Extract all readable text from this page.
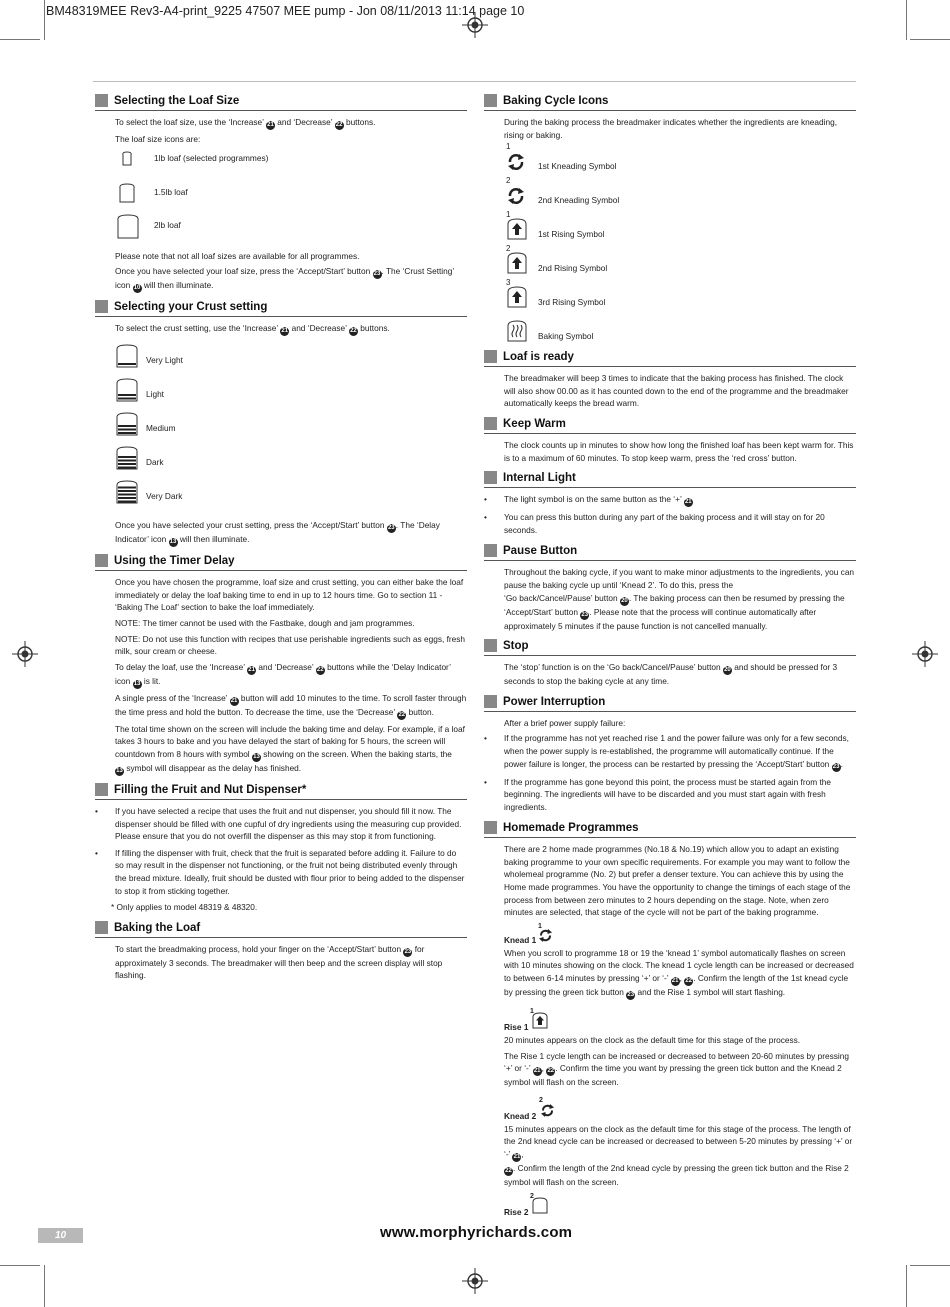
BM48319MEE Rev3-A4-print_9225 47507 MEE pump - Jon 08/11/2013 11:14 page 10
Selecting the Loaf Size
To select the loaf size, use the ‘Increase’ 21 and ‘Decrease’ 22 buttons.
The loaf size icons are:
1lb loaf (selected programmes)
1.5lb loaf
2lb loaf
Please note that not all loaf sizes are available for all programmes.
Once you have selected your loaf size, press the ‘Accept/Start’ button 23. The ‘Crust Setting’
icon 10 will then illuminate.
Selecting your Crust setting
To select the crust setting, use the ‘Increase’ 21 and ‘Decrease’ 22 buttons.
Very Light
Light
Medium
Dark
Very Dark
Once you have selected your crust setting, press the ‘Accept/Start’ button 23. The ‘Delay
Indicator’ icon 13 will then illuminate.
Using the Timer Delay
Once you have chosen the programme, loaf size and crust setting, you can either bake the loaf immediately or delay the loaf baking time to end in up to 12 hours time. Go to section 11 - ‘Baking The Loaf’ section to bake the loaf immediately.
NOTE: The timer cannot be used with the Fastbake, dough and jam programmes.
NOTE: Do not use this function with recipes that use perishable ingredients such as eggs, fresh milk, sour cream or cheese.
To delay the loaf, use the ‘Increase’ 21 and ‘Decrease’ 22 buttons while the ‘Delay Indicator’
icon 13 is lit.
A single press of the ‘Increase’ 21 button will add 10 minutes to the time. To scroll faster through the time press and hold the button. To decrease the time, use the ‘Decrease’ 22 button.
The total time shown on the screen will include the baking time and delay. For example, if a loaf takes 3 hours to bake and you have delayed the start of baking for 5 hours, the screen will countdown from 8 hours with symbol 13 showing on the screen. When the baking starts, the
13 symbol will disappear as the delay has finished.
Filling the Fruit and Nut Dispenser*
• If you have selected a recipe that uses the fruit and nut dispenser, you should fill it now. The dispenser should be filled with one cupful of dry ingredients using the measuring cup provided. Please ensure that you do not overfill the dispenser as this may stop it from functioning.
• If filling the dispenser with fruit, check that the fruit is separated before adding it. Failure to do so may result in the dispenser not functioning, or the fruit not being distributed evenly through the bread mixture. Ideally, fruit should be dusted with flour prior to being added to the dispenser to stop it from sticking together.
* Only applies to model 48319 & 48320.
Baking the Loaf
To start the breadmaking process, hold your finger on the ‘Accept/Start’ button 23 for approximately 3 seconds. The breadmaker will then beep and the screen display will stop flashing.
Baking Cycle Icons
During the baking process the breadmaker indicates whether the ingredients are kneading, rising or baking.
1
1st Kneading Symbol
2
2nd Kneading Symbol
1
1st Rising Symbol
2
2nd Rising Symbol
3
3rd Rising Symbol
Baking Symbol
Loaf is ready
The breadmaker will beep 3 times to indicate that the baking process has finished. The clock will also show 00.00 as it has counted down to the end of the programme and the breadmaker automatically keeps the bread warm.
Keep Warm
The clock counts up in minutes to show how long the finished loaf has been kept warm for. This is to a maximum of 60 minutes. To stop keep warm, press the ‘red cross’ button.
Internal Light
• The light symbol is on the same button as the ‘+’ 21
• You can press this button during any part of the baking process and it will stay on for 20 seconds.
Pause Button
Throughout the baking cycle, if you want to make minor adjustments to the ingredients, you can pause the baking cycle up until ‘Knead 2’. To do this, press the
‘Go back/Cancel/Pause’ button 20. The baking process can then be resumed by pressing the ‘Accept/Start’ button 23. Please note that the process will continue automatically after approximately 5 minutes if the pause function is not cancelled manually.
Stop
The ‘stop’ function is on the ‘Go back/Cancel/Pause’ button 20 and should be pressed for 3 seconds to stop the baking cycle at any time.
Power Interruption
After a brief power supply failure:
• If the programme has not yet reached rise 1 and the power failure was only for a few seconds, when the power supply is re-established, the programme will automatically continue. If the power failure is longer, the process can be restarted by pressing the ‘Accept/Start’ button 23.
• If the programme has gone beyond this point, the process must be started again from the beginning. The ingredients will have to be discarded and you must start again with fresh ingredients.
Homemade Programmes
There are 2 home made programmes (No.18 & No.19) which allow you to adapt an existing baking programme to your own specific requirements. For example you may want to follow the wholemeal programme (No. 2) but prefer a denser texture. You can achieve this by using the Home made programmes. You have the opportunity to change the timings of each stage of the process from between zero minutes to 2 hours depending on the stage. Note, when zero minutes are selected, that stage of the cycle will not be part of the baking programme.
Knead 1
1
When you scroll to programme 18 or 19 the ‘knead 1’ symbol automatically flashes on screen with 10 minutes showing on the clock. The knead 1 cycle length can be increased or decreased to between 6-14 minutes by pressing ‘+’ or ‘-’ 21, 22. Confirm the length of the 1st knead cycle by pressing the green tick button 23 and the Rise 1 symbol will start flashing.
Rise 1
1
20 minutes appears on the clock as the default time for this stage of the process.
The Rise 1 cycle length can be increased or decreased to between 20-60 minutes by pressing ‘+’ or ‘-’ 21, 22. Confirm the time you want by pressing the green tick button and the Knead 2 symbol will flash on the screen.
Knead 2
2
15 minutes appears on the clock as the default time for this stage of the process. The length of the 2nd knead cycle can be increased or decreased to between 5-20 minutes by pressing ‘+’ or ‘-’ 21,
22. Confirm the length of the 2nd knead cycle by pressing the green tick button and the Rise 2 symbol will flash on the screen.
Rise 2
2
10	www.morphyrichards.com
